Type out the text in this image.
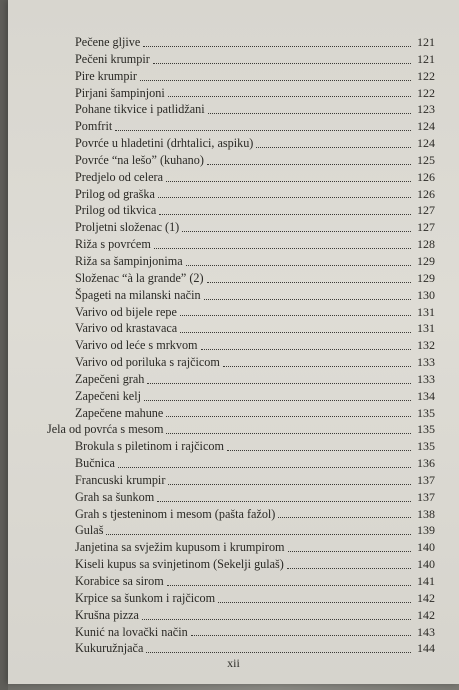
Pečene gljive	121
Pečeni krumpir	121
Pire krumpir	122
Pirjani šampinjoni	122
Pohane tikvice i patlidžani	123
Pomfrit	124
Povrće u hladetini (drhtalici, aspiku)	124
Povrće “na lešo” (kuhano)	125
Predjelo od celera	126
Prilog od graška	126
Prilog od tikvica	127
Proljetni složenac (1)	127
Riža s povrćem	128
Riža sa šampinjonima	129
Složenac “à la grande” (2)	129
Špageti na milanski način	130
Varivo od bijele repe	131
Varivo od krastavaca	131
Varivo od leće s mrkvom	132
Varivo od poriluka s rajčicom	133
Zapečeni grah	133
Zapečeni kelj	134
Zapečene mahune	135
Jela od povrća s mesom	135
Brokula s piletinom i rajčicom	135
Bučnica	136
Francuski krumpir	137
Grah sa šunkom	137
Grah s tjesteninom i mesom (pašta fažol)	138
Gulaš	139
Janjetina sa svježim kupusom i krumpirom	140
Kiseli kupus sa svinjetinom (Sekelji gulaš)	140
Korabice sa sirom	141
Krpice sa šunkom i rajčicom	142
Krušna pizza	142
Kunić na lovački način	143
Kukuružnjača	144
xii
